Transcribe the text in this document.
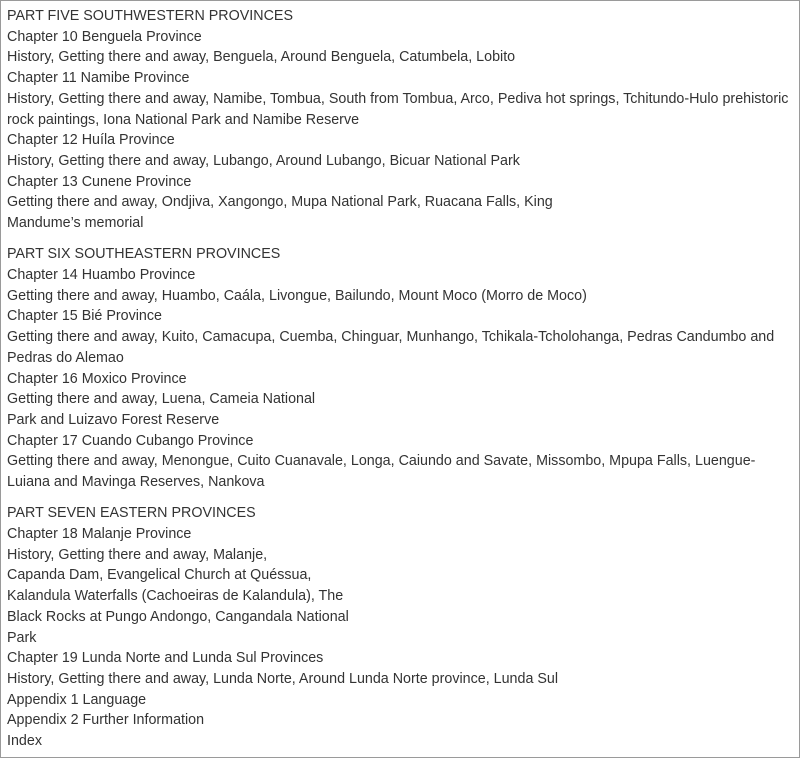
PART FIVE SOUTHWESTERN PROVINCES
Chapter 10 Benguela Province
History, Getting there and away, Benguela, Around Benguela, Catumbela, Lobito
Chapter 11 Namibe Province
History, Getting there and away, Namibe, Tombua, South from Tombua, Arco, Pediva hot springs, Tchitundo-Hulo prehistoric rock paintings, Iona National Park and Namibe Reserve
Chapter 12 Huíla Province
History, Getting there and away, Lubango, Around Lubango, Bicuar National Park
Chapter 13 Cunene Province
Getting there and away, Ondjiva, Xangongo, Mupa National Park, Ruacana Falls, King
Mandume’s memorial
PART SIX SOUTHEASTERN PROVINCES
Chapter 14 Huambo Province
Getting there and away, Huambo, Caála, Livongue, Bailundo, Mount Moco (Morro de Moco)
Chapter 15 Bié Province
Getting there and away, Kuito, Camacupa, Cuemba, Chinguar, Munhango, Tchikala-Tcholohanga, Pedras Candumbo and Pedras do Alemao
Chapter 16 Moxico Province
Getting there and away, Luena, Cameia National
Park and Luizavo Forest Reserve
Chapter 17 Cuando Cubango Province
Getting there and away, Menongue, Cuito Cuanavale, Longa, Caiundo and Savate, Missombo, Mpupa Falls, Luengue-Luiana and Mavinga Reserves, Nankova
PART SEVEN EASTERN PROVINCES
Chapter 18 Malanje Province
History, Getting there and away, Malanje,
Capanda Dam, Evangelical Church at Quéssua,
Kalandula Waterfalls (Cachoeiras de Kalandula), The
Black Rocks at Pungo Andongo, Cangandala National
Park
Chapter 19 Lunda Norte and Lunda Sul Provinces
History, Getting there and away, Lunda Norte, Around Lunda Norte province, Lunda Sul
Appendix 1 Language
Appendix 2 Further Information
Index
